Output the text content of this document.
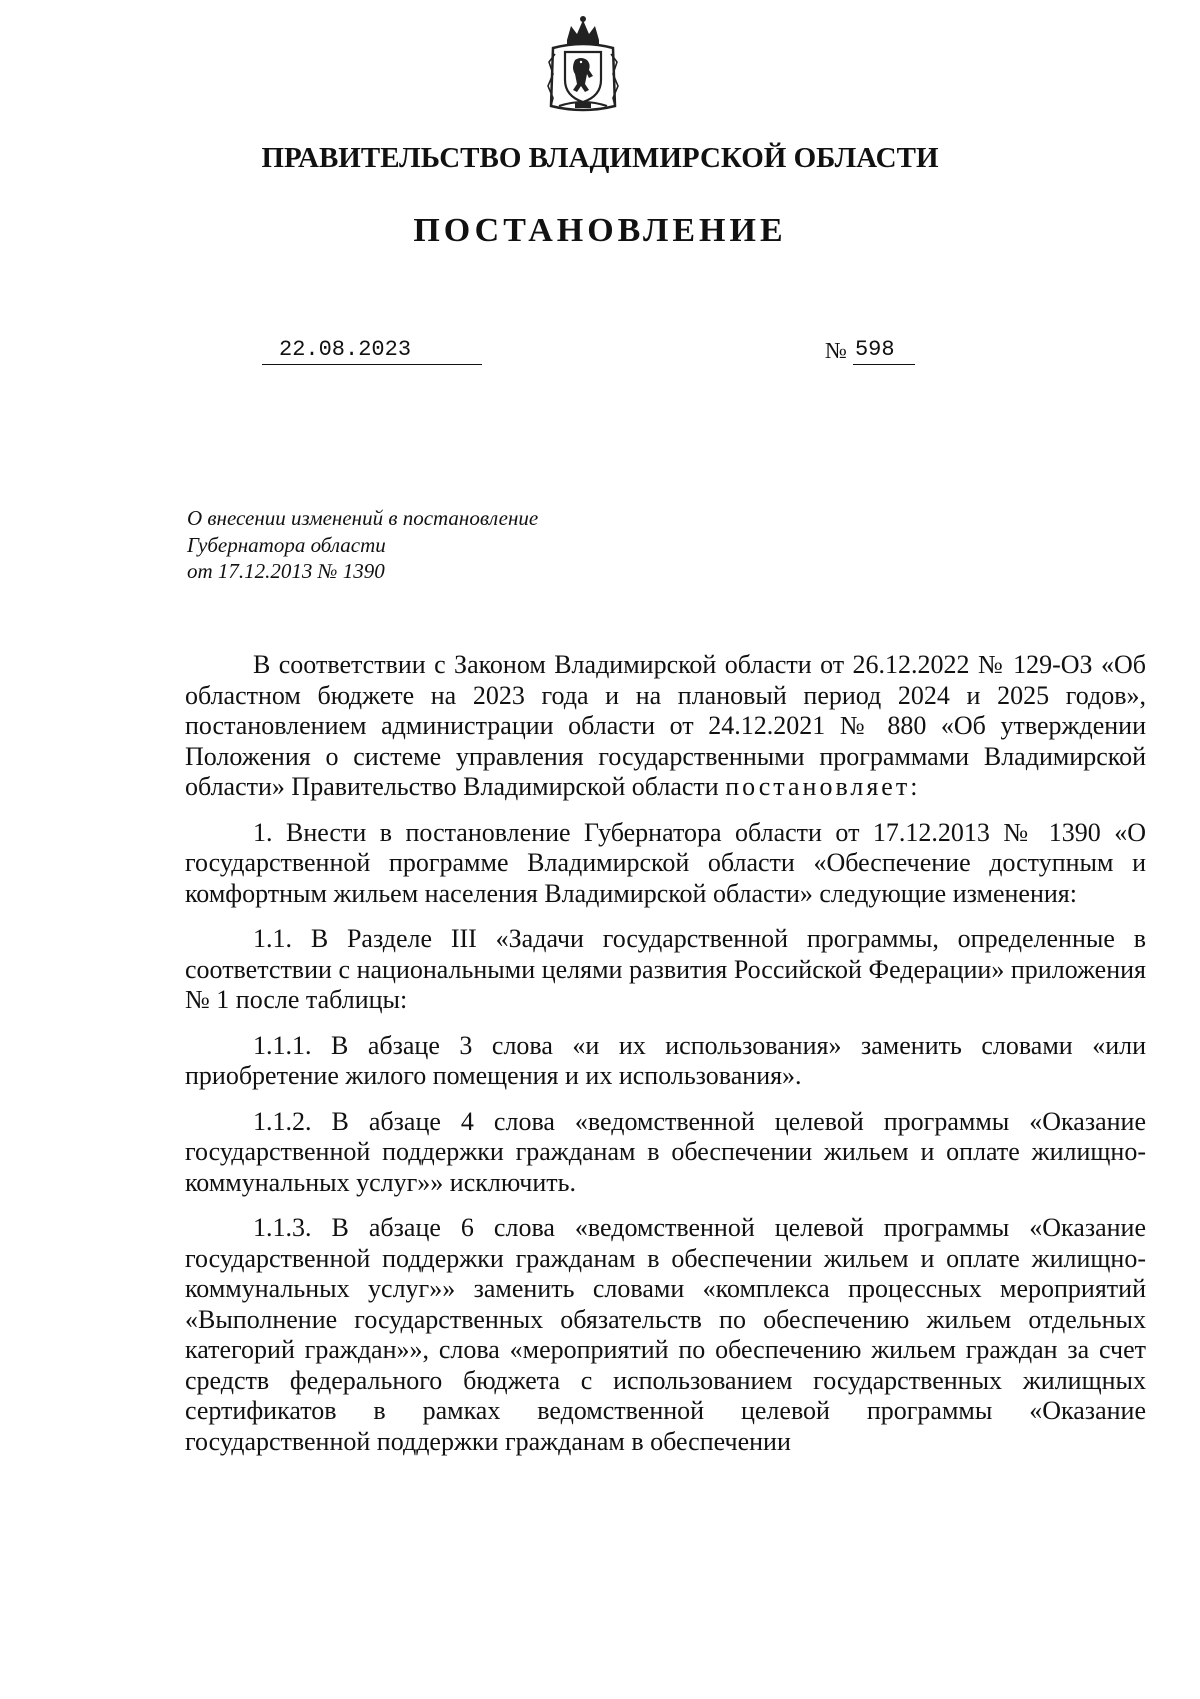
ПРАВИТЕЛЬСТВО ВЛАДИМИРСКОЙ ОБЛАСТИ
ПОСТАНОВЛЕНИЕ
22.08.2023	№ 598
О внесении изменений в постановление
Губернатора области
от 17.12.2013 № 1390

В соответствии с Законом Владимирской области от 26.12.2022 № 129-ОЗ «Об областном бюджете на 2023 года и на плановый период 2024 и 2025 годов», постановлением администрации области от 24.12.2021 № 880 «Об утверждении Положения о системе управления государственными программами Владимирской области» Правительство Владимирской области постановляет:

1. Внести в постановление Губернатора области от 17.12.2013 № 1390 «О государственной программе Владимирской области «Обеспечение доступным и комфортным жильем населения Владимирской области» следующие изменения:

1.1. В Разделе III «Задачи государственной программы, определенные в соответствии с национальными целями развития Российской Федерации» приложения № 1 после таблицы:

1.1.1. В абзаце 3 слова «и их использования» заменить словами «или приобретение жилого помещения и их использования».

1.1.2. В абзаце 4 слова «ведомственной целевой программы «Оказание государственной поддержки гражданам в обеспечении жильем и оплате жилищно-коммунальных услуг»» исключить.

1.1.3. В абзаце 6 слова «ведомственной целевой программы «Оказание государственной поддержки гражданам в обеспечении жильем и оплате жилищно-коммунальных услуг»» заменить словами «комплекса процессных мероприятий «Выполнение государственных обязательств по обеспечению жильем отдельных категорий граждан»», слова «мероприятий по обеспечению жильем граждан за счет средств федерального бюджета с использованием государственных жилищных сертификатов в рамках ведомственной целевой программы «Оказание государственной поддержки гражданам в обеспечении
